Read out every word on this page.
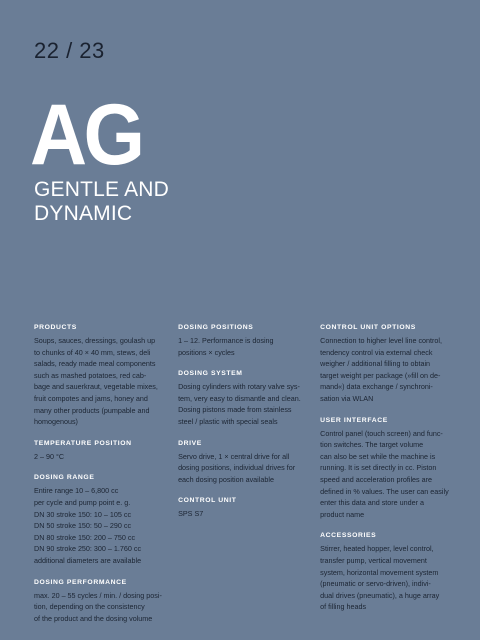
22 / 23
AG
GENTLE AND
DYNAMIC
PRODUCTS
Soups, sauces, dressings, goulash up
to chunks of 40 × 40 mm, stews, deli
salads, ready made meal components
such as mashed potatoes, red cab-
bage and sauerkraut, vegetable mixes,
fruit compotes and jams, honey and
many other products (pumpable and
homogenous)
TEMPERATURE POSITION
2 – 90 °C
DOSING RANGE
Entire range 10 – 6,800 cc
per cycle and pump point e. g.
DN 30 stroke 150: 10 – 105 cc
DN 50 stroke 150: 50 – 290 cc
DN 80 stroke 150: 200 – 750 cc
DN 90 stroke 250: 300 – 1.760 cc
additional diameters are available
DOSING PERFORMANCE
max. 20 – 55 cycles / min. / dosing posi-
tion, depending on the consistency
of the product and the dosing volume
DOSING POSITIONS
1 – 12. Performance is dosing
positions × cycles
DOSING SYSTEM
Dosing cylinders with rotary valve sys-
tem, very easy to dismantle and clean.
Dosing pistons made from stainless
steel / plastic with special seals
DRIVE
Servo drive, 1 × central drive for all
dosing positions, individual drives for
each dosing position available
CONTROL UNIT
SPS S7
CONTROL UNIT OPTIONS
Connection to higher level line control,
tendency control via external check
weigher / additional filling to obtain
target weight per package (»fill on de-
mand«) data exchange / synchroni-
sation via WLAN
USER INTERFACE
Control panel (touch screen) and func-
tion switches. The target volume
can also be set while the machine is
running. It is set directly in cc. Piston
speed and acceleration profiles are
defined in % values. The user can easily
enter this data and store under a
product name
ACCESSORIES
Stirrer, heated hopper, level control,
transfer pump, vertical movement
system, horizontal movement system
(pneumatic or servo-driven), indivi-
dual drives (pneumatic), a huge array
of filling heads
